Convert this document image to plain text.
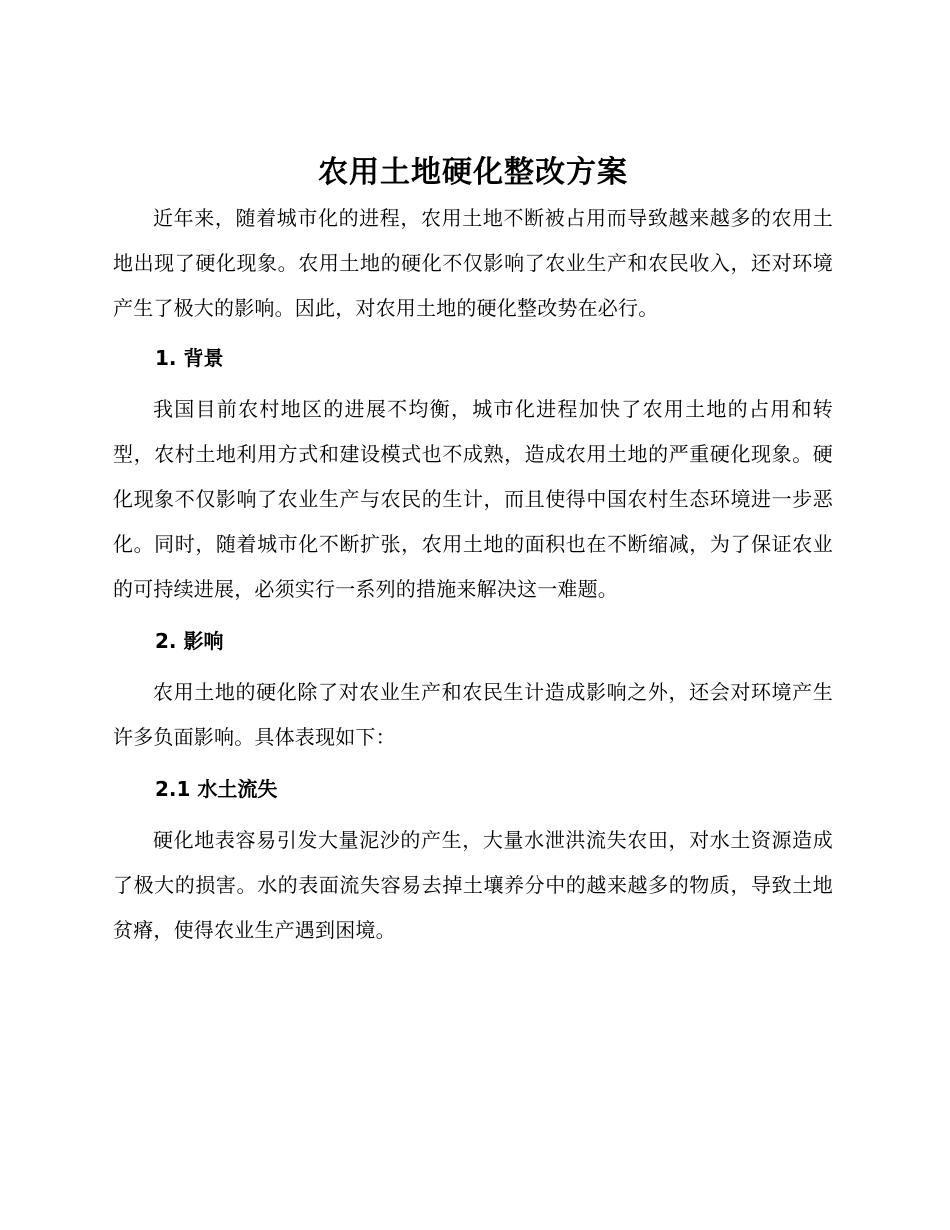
农用土地硬化整改方案

近年来，随着城市化的进程，农用土地不断被占用而导致越来越多的农用土地出现了硬化现象。农用土地的硬化不仅影响了农业生产和农民收入，还对环境产生了极大的影响。因此，对农用土地的硬化整改势在必行。

1. 背景

我国目前农村地区的进展不均衡，城市化进程加快了农用土地的占用和转型，农村土地利用方式和建设模式也不成熟，造成农用土地的严重硬化现象。硬化现象不仅影响了农业生产与农民的生计，而且使得中国农村生态环境进一步恶化。同时，随着城市化不断扩张，农用土地的面积也在不断缩减，为了保证农业的可持续进展，必须实行一系列的措施来解决这一难题。

2. 影响

农用土地的硬化除了对农业生产和农民生计造成影响之外，还会对环境产生许多负面影响。具体表现如下：

2.1 水土流失

硬化地表容易引发大量泥沙的产生，大量水泄洪流失农田，对水土资源造成了极大的损害。水的表面流失容易去掉土壤养分中的越来越多的物质，导致土地贫瘠，使得农业生产遇到困境。
